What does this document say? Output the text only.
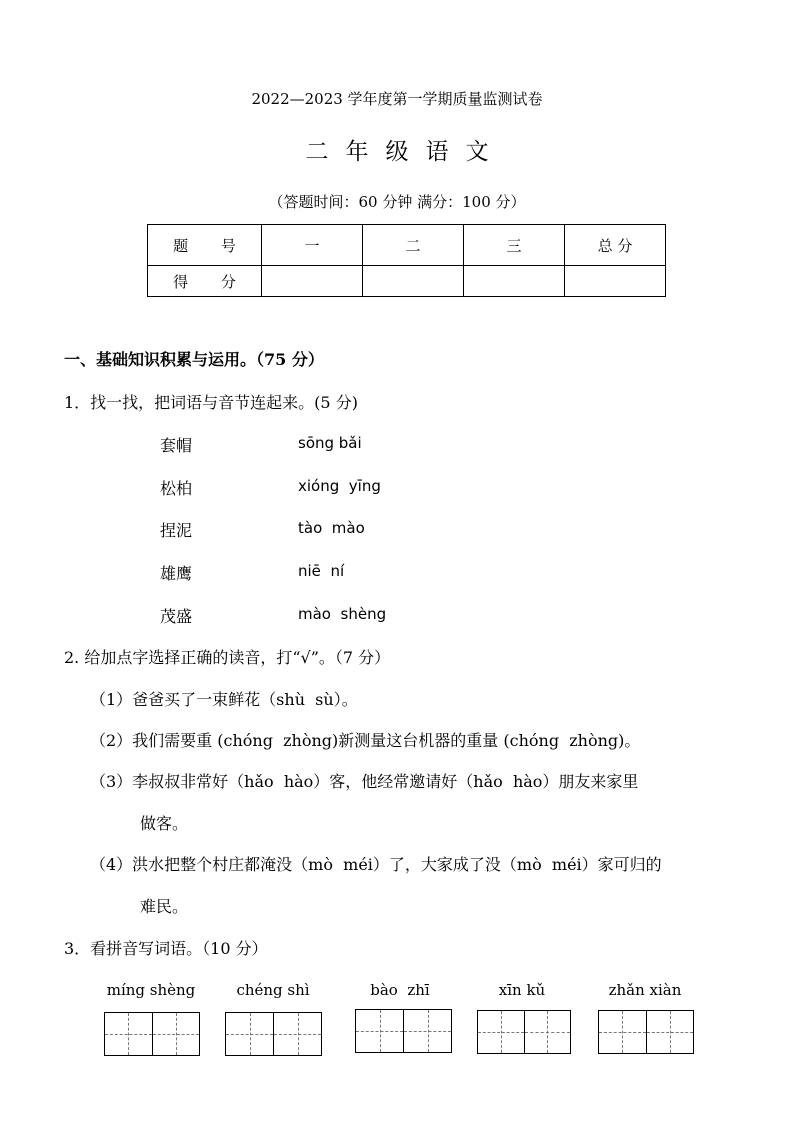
2022—2023 学年度第一学期质量监测试卷
二年级语文
（答题时间：60 分钟 满分：100 分）
题 号	一	二	三	总 分
得 分				
一、基础知识积累与运用。（75 分）
1．找一找，把词语与音节连起来。(5 分)
套帽
松柏
捏泥
雄鹰
茂盛
sōng bǎi
xióng  yīng
tào  mào
niē  ní
mào  shèng
2. 给加点字选择正确的读音，打“√”。（7 分）
（1）爸爸买了一束鲜花（shù  sù）。
（2）我们需要重 (chóng  zhòng)新测量这台机器的重量 (chóng  zhòng)。
（3）李叔叔非常好（hǎo  hào）客，他经常邀请好（hǎo  hào）朋友来家里
做客。
（4）洪水把整个村庄都淹没（mò  méi）了，大家成了没（mò  méi）家可归的
难民。
3．看拼音写词语。（10 分）
míng shèng	chéng shì	bào  zhī	xīn kǔ	zhǎn xiàn
